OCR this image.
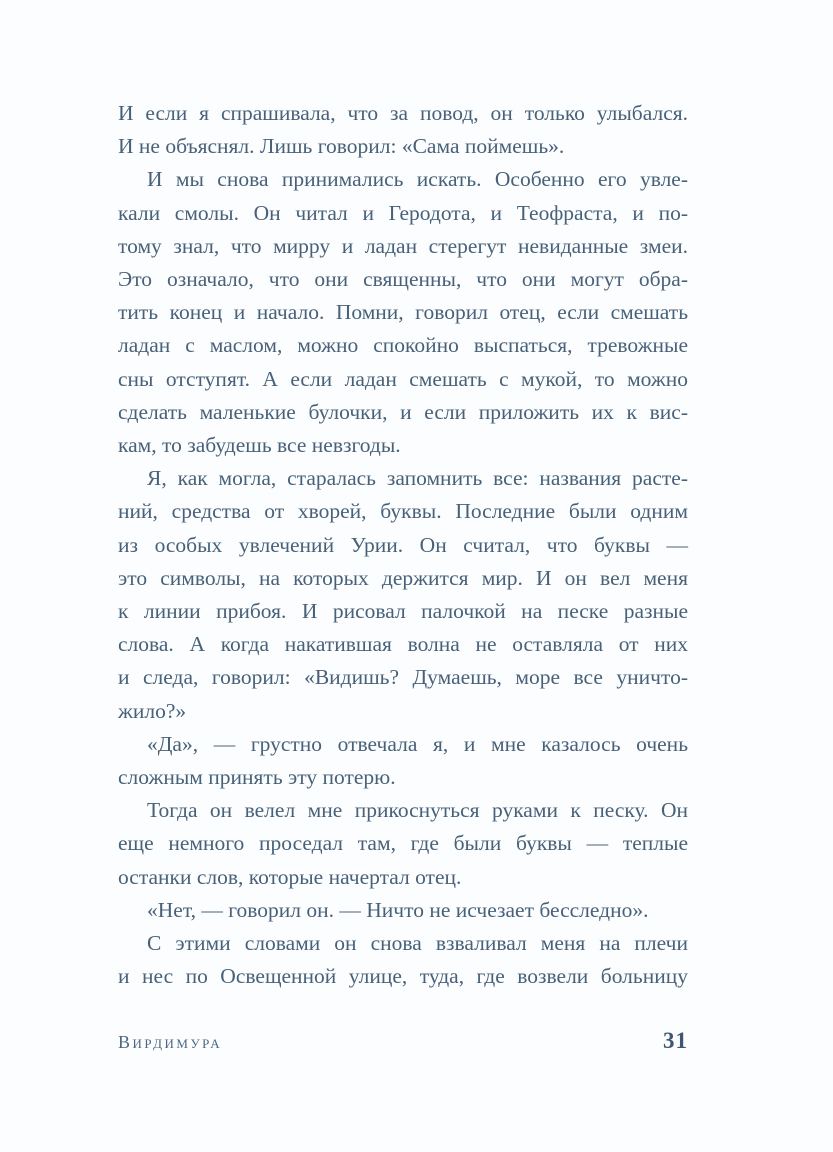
И если я спрашивала, что за повод, он только улыбался.
И не объяснял. Лишь говорил: «Сама поймешь».
И мы снова принимались искать. Особенно его увле-
кали смолы. Он читал и Геродота, и Теофраста, и по-
тому знал, что мирру и ладан стерегут невиданные змеи.
Это означало, что они священны, что они могут обра-
тить конец и начало. Помни, говорил отец, если смешать
ладан с маслом, можно спокойно выспаться, тревожные
сны отступят. А если ладан смешать с мукой, то можно
сделать маленькие булочки, и если приложить их к вис-
кам, то забудешь все невзгоды.
Я, как могла, старалась запомнить все: названия расте-
ний, средства от хворей, буквы. Последние были одним
из особых увлечений Урии. Он считал, что буквы —
это символы, на которых держится мир. И он вел меня
к линии прибоя. И рисовал палочкой на песке разные
слова. А когда накатившая волна не оставляла от них
и следа, говорил: «Видишь? Думаешь, море все уничто-
жило?»
«Да», — грустно отвечала я, и мне казалось очень
сложным принять эту потерю.
Тогда он велел мне прикоснуться руками к песку. Он
еще немного проседал там, где были буквы — теплые
останки слов, которые начертал отец.
«Нет, — говорил он. — Ничто не исчезает бесследно».
С этими словами он снова взваливал меня на плечи
и нес по Освещенной улице, туда, где возвели больницу
Вирдимура	31
